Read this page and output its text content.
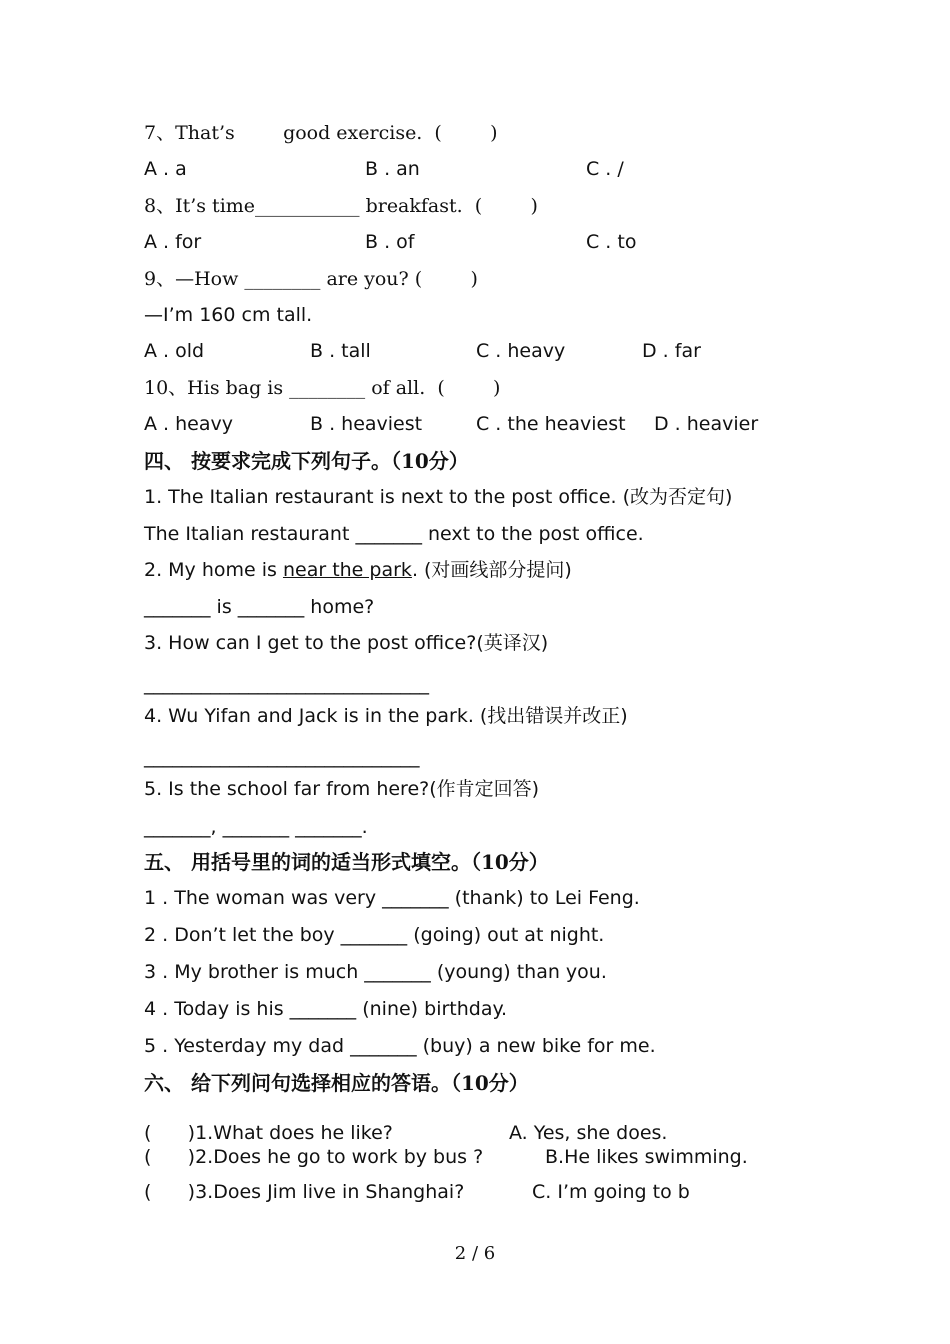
7、That’s        good exercise.  (        )
A . a	B . an	C . /
8、It’s time___________ breakfast.  (        )
A . for	B . of	C . to
9、—How ________ are you? (        )
—I’m 160 cm tall.
A . old	B . tall	C . heavy	D . far
10、His bag is ________ of all.  (        )
A . heavy	B . heaviest	C . the heaviest D . heavier
四、 按要求完成下列句子。（10分）
1. The Italian restaurant is next to the post office. (改为否定句)
The Italian restaurant _______ next to the post office.
2. My home is near the park. (对画线部分提问)
_______ is _______ home?
3. How can I get to the post office?(英译汉)
______________________________
4. Wu Yifan and Jack is in the park. (找出错误并改正)
_____________________________
5. Is the school far from here?(作肯定回答)
_______, _______ _______.
五、 用括号里的词的适当形式填空。（10分）
1 . The woman was very _______ (thank) to Lei Feng.
2 . Don’t let the boy _______ (going) out at night.
3 . My brother is much _______ (young) than you.
4 . Today is his _______ (nine) birthday.
5 . Yesterday my dad _______ (buy) a new bike for me.
六、 给下列问句选择相应的答语。（10分）
(      )1.What does he like?	A. Yes, she does.
(      )2.Does he go to work by bus ?	B.He likes swimming.
(      )3.Does Jim live in Shanghai?	C. I’m going to b
2 / 6
